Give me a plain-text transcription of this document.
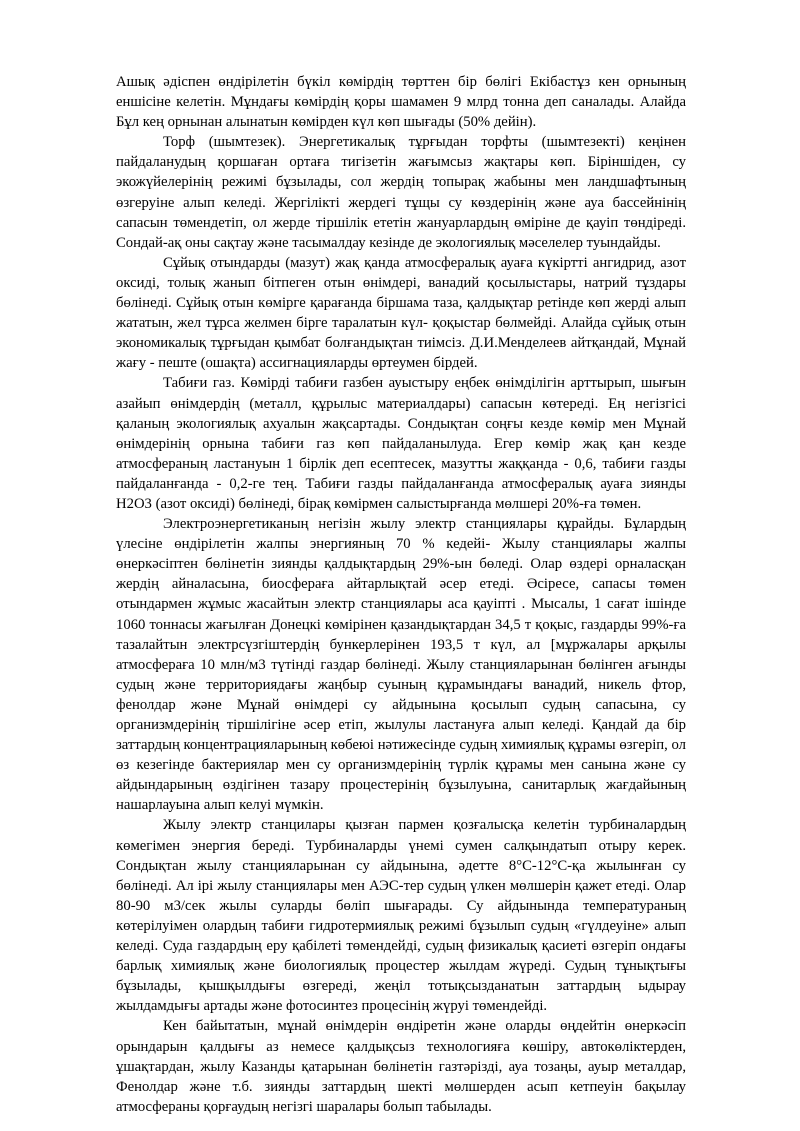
Ашық әдіспен өндірілетін бүкіл көмірдің төрттен бір бөлігі Екібастұз кен орнының еншісіне келетін. Мұндағы көмірдің қоры шамамен 9 млрд тонна деп саналады. Алайда Бұл кең орнынан алынатын көмірден күл көп шығады (50% дейін).

Торф (шымтезек). Энергетикалық тұрғыдан торфты (шымтезекті) кеңінен пайдаланудың қоршаған ортаға тигізетін жағымсыз жақтары көп. Біріншіден, су экожүйелерінің режимі бұзылады, сол жердің топырақ жабыны мен ландшафтының өзгеруіне алып келеді. Жергілікті жердегі тұщы су көздерінің және ауа бассейнінің сапасын төмендетіп, ол жерде тіршілік ететін жануарлардың өміріне де қауіп төндіреді. Сондай-ақ оны сақтау және тасымалдау кезінде де экологиялық мәселелер туындайды.

Сұйық отындарды (мазут) жақ қанда атмосфералық ауаға күкіртті ангидрид, азот оксиді, толық жанып бітпеген отын өнімдері, ванадий қосылыстары, натрий тұздары бөлінеді. Сұйық отын көмірге қарағанда біршама таза, қалдықтар ретінде көп жерді алып жататын, жел тұрса желмен бірге таралатын күл- қоқыстар бөлмейді. Алайда сұйық отын экономикалық тұрғыдан қымбат болғандықтан тиімсіз. Д.И.Менделеев айтқандай, Мұнай жағу - пеште (ошақта) ассигнацияларды өртеумен бірдей.

Табиғи газ. Көмірді табиғи газбен ауыстыру еңбек өнімділігін арттырып, шығын азайып өнімдердің (металл, құрылыс материалдары) сапасын көтереді. Ең негізгісі қаланың экологиялық ахуалын жақсартады. Сондықтан соңғы кезде көмір мен Мұнай өнімдерінің орнына табиғи газ көп пайдаланылуда. Егер көмір жақ қан кезде атмосфераның ластануын 1 бірлік деп есептесек, мазутты жаққанда - 0,6, табиғи газды пайдаланғанда - 0,2-ге тең. Табиғи газды пайдаланғанда атмосфералық ауаға зиянды Н2О3 (азот оксиді) бөлінеді, бірақ көмірмен салыстырғанда мөлшері 20%-ға төмен.

Электроэнергетиканың негізін жылу электр станциялары құрайды. Бұлардың үлесіне өндірілетін жалпы энергияның 70 % кедейі- Жылу станциялары жалпы өнеркәсіптен бөлінетін зиянды қалдықтардың 29%-ын бөледі. Олар өздері орналасқан жердің айналасына, биосфераға айтарлықтай әсер етеді. Әсіресе, сапасы төмен отындармен жұмыс жасайтын электр станциялары аса қауіпті . Мысалы, 1 сағат ішінде 1060 тоннасы жағылған Донецкі көмірінен қазандықтардан 34,5 т қоқыс, газдарды 99%-ға тазалайтын электрсүзгіштердің бункерлерінен 193,5 т күл, ал [мұржалары арқылы атмосфераға 10 млн/м3 түтінді газдар бөлінеді. Жылу станцияларынан бөлінген ағынды судың және территориядағы жаңбыр суының құрамындағы ванадий, никель фтор, фенолдар және Мұнай өнімдері су айдынына қосылып судың сапасына, су организмдерінің тіршілігіне әсер етіп, жылулы ластануға алып келеді. Қандай да бір заттардың концентрацияларының көбеюі нәтижесінде судың химиялық құрамы өзгеріп, ол өз кезегінде бактериялар мен су организмдерінің түрлік құрамы мен санына және су айдындарының өздігінен тазару процестерінің бұзылуына, санитарлық жағдайының нашарлауына алып келуі мүмкін.

Жылу электр станцилары қызған пармен қозғалысқа келетін турбиналардың көмегімен энергия береді. Турбиналарды үнемі сумен салқындатып отыру керек. Сондықтан жылу станцияларынан су айдынына, әдетте 8°С-12°С-қа жылынған су бөлінеді. Ал ірі жылу станциялары мен АЭС-тер судың үлкен мөлшерін қажет етеді. Олар 80-90 м3/сек жылы суларды бөліп шығарады. Су айдынында температураның көтерілуімен олардың табиғи гидротермиялық режимі бұзылып судың «гүлдеуіне» алып келеді. Суда газдардың еру қабілеті төмендейді, судың физикалық қасиеті өзгеріп ондағы барлық химиялық және биологиялық процестер жылдам жүреді. Судың тұнықтығы бұзылады, қышқылдығы өзгереді, жеңіл тотықсызданатын заттардың ыдырау жылдамдығы артады және фотосинтез процесінің жүруі төмендейді.

Кен байытатын, мұнай өнімдерін өндіретін және оларды өңдейтін өнеркәсіп орындарын қалдығы аз немесе қалдықсыз технологияға көшіру, автокөліктерден, ұшақтардан, жылу Казанды қатарынан бөлінетін газтәрізді, ауа тозаңы, ауыр металдар, Фенолдар және т.б. зиянды заттардың шекті мөлшерден асып кетпеуін бақылау атмосфераны қорғаудың негізгі шаралары болып табылады.
